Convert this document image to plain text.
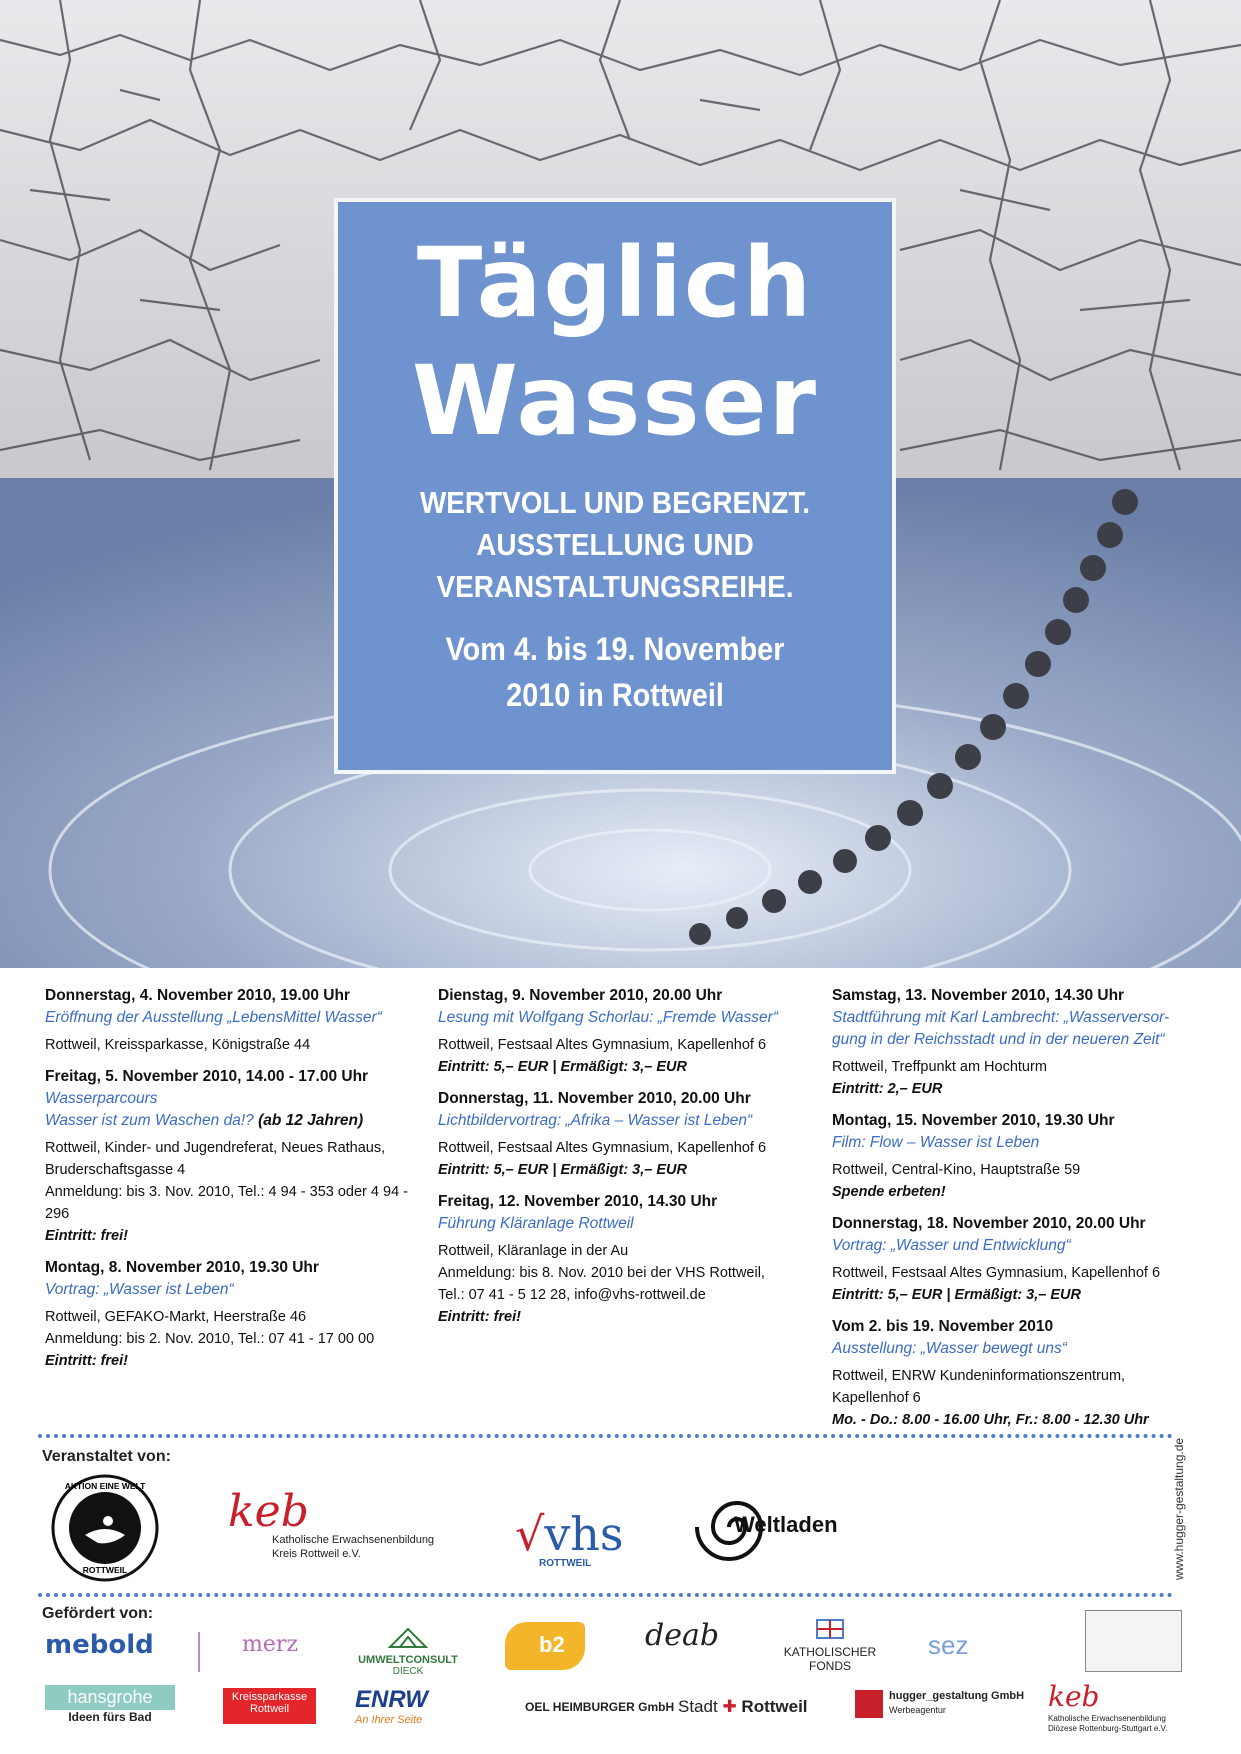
Täglich
Wasser
WERTVOLL UND BEGRENZT.
AUSSTELLUNG UND
VERANSTALTUNGSREIHE.
Vom 4. bis 19. November
2010 in Rottweil
Donnerstag, 4. November 2010, 19.00 Uhr
Eröffnung der Ausstellung „LebensMittel Wasser“
Rottweil, Kreissparkasse, Königstraße 44
Freitag, 5. November 2010, 14.00 - 17.00 Uhr
Wasserparcours
Wasser ist zum Waschen da!? (ab 12 Jahren)
Rottweil, Kinder- und Jugendreferat, Neues Rathaus,
Bruderschaftsgasse 4
Anmeldung: bis 3. Nov. 2010, Tel.: 4 94 - 353 oder 4 94 - 296
Eintritt: frei!
Montag, 8. November 2010, 19.30 Uhr
Vortrag: „Wasser ist Leben“
Rottweil, GEFAKO-Markt, Heerstraße 46
Anmeldung: bis 2. Nov. 2010, Tel.: 07 41 - 17 00 00
Eintritt: frei!
Dienstag, 9. November 2010, 20.00 Uhr
Lesung mit Wolfgang Schorlau: „Fremde Wasser“
Rottweil, Festsaal Altes Gymnasium, Kapellenhof 6
Eintritt: 5,– EUR | Ermäßigt: 3,– EUR
Donnerstag, 11. November 2010, 20.00 Uhr
Lichtbildervortrag: „Afrika – Wasser ist Leben“
Rottweil, Festsaal Altes Gymnasium, Kapellenhof 6
Eintritt: 5,– EUR | Ermäßigt: 3,– EUR
Freitag, 12. November 2010, 14.30 Uhr
Führung Kläranlage Rottweil
Rottweil, Kläranlage in der Au
Anmeldung: bis 8. Nov. 2010 bei der VHS Rottweil,
Tel.: 07 41 - 5 12 28, info@vhs-rottweil.de
Eintritt: frei!
Samstag, 13. November 2010, 14.30 Uhr
Stadtführung mit Karl Lambrecht: „Wasserversor-
gung in der Reichsstadt und in der neueren Zeit“
Rottweil, Treffpunkt am Hochturm
Eintritt: 2,– EUR
Montag, 15. November 2010, 19.30 Uhr
Film: Flow – Wasser ist Leben
Rottweil, Central-Kino, Hauptstraße 59
Spende erbeten!
Donnerstag, 18. November 2010, 20.00 Uhr
Vortrag: „Wasser und Entwicklung“
Rottweil, Festsaal Altes Gymnasium, Kapellenhof 6
Eintritt: 5,– EUR | Ermäßigt: 3,– EUR
Vom 2. bis 19. November 2010
Ausstellung: „Wasser bewegt uns“
Rottweil, ENRW Kundeninformationszentrum, Kapellenhof 6
Mo. - Do.: 8.00 - 16.00 Uhr, Fr.: 8.00 - 12.30 Uhr
Veranstaltet von:
AKTION EINE WELT
ROTTWEIL
keb
Katholische Erwachsenenbildung
Kreis Rottweil e.V.	√vhs
ROTTWEIL
Weltladen
Gefördert von:
mebold	merz
UMWELTCONSULT
DIECK
b2	deab	KATHOLISCHER
FONDS
sez
hansgrohe
Ideen fürs Bad
Kreissparkasse
Rottweil	ENRW
An Ihrer Seite
OEL HEIMBURGER GmbH Stadt ✚ Rottweil
hugger_gestaltung GmbH
Werbeagentur	keb
Katholische Erwachsenenbildung
Diözese Rottenburg-Stuttgart e.V.
www.hugger-gestaltung.de
